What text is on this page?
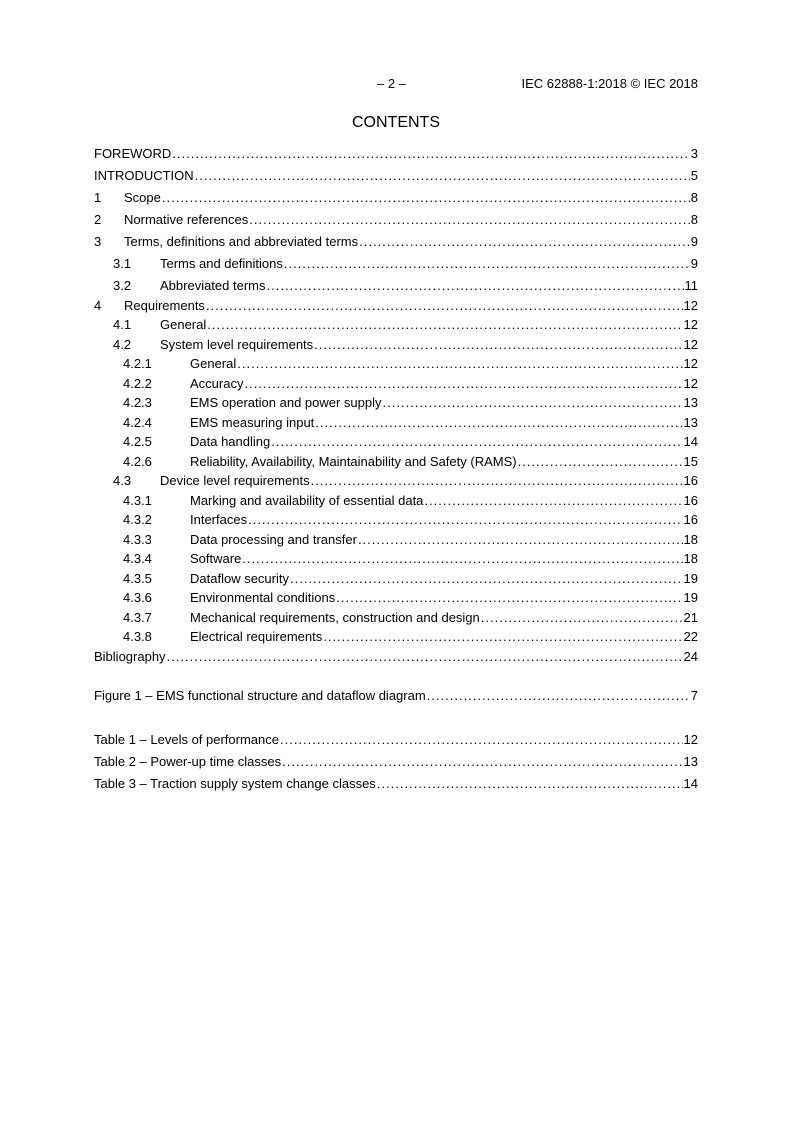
– 2 –	IEC 62888-1:2018 © IEC 2018
CONTENTS
FOREWORD .....	3
INTRODUCTION .....	5
1 Scope .....	8
2 Normative references .....	8
3 Terms, definitions and abbreviated terms .....	9
3.1 Terms and definitions .....	9
3.2 Abbreviated terms .....	11
4 Requirements .....	12
4.1 General .....	12
4.2 System level requirements .....	12
4.2.1	General .....	12
4.2.2	Accuracy .....	12
4.2.3	EMS operation and power supply .....	13
4.2.4	EMS measuring input .....	13
4.2.5	Data handling .....	14
4.2.6	Reliability, Availability, Maintainability and Safety (RAMS) .....	15
4.3 Device level requirements .....	16
4.3.1	Marking and availability of essential data .....	16
4.3.2	Interfaces .....	16
4.3.3	Data processing and transfer .....	18
4.3.4	Software .....	18
4.3.5	Dataflow security .....	19
4.3.6	Environmental conditions .....	19
4.3.7	Mechanical requirements, construction and design .....	21
4.3.8	Electrical requirements .....	22
Bibliography .....	24
Figure 1 – EMS functional structure and dataflow diagram .....	7
Table 1 – Levels of performance .....	12
Table 2 – Power-up time classes .....	13
Table 3 – Traction supply system change classes .....	14
